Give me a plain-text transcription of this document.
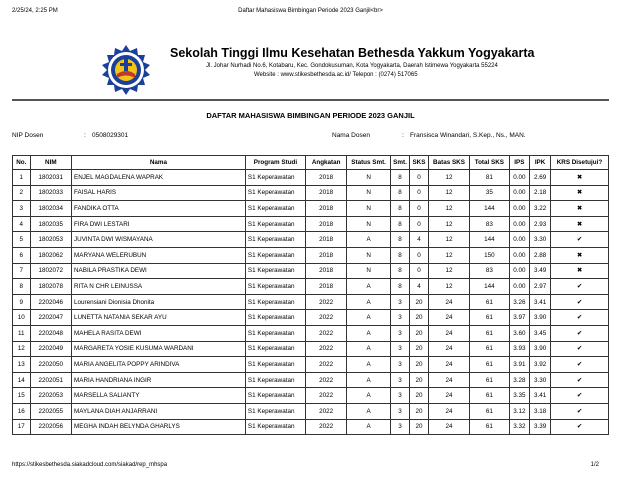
2/25/24, 2:25 PM	Daftar Mahasiswa Bimbingan Periode 2023 Ganjil<br>
Sekolah Tinggi Ilmu Kesehatan Bethesda Yakkum Yogyakarta
Jl. Johar Nurhadi No.6, Kotabaru, Kec. Gondokusuman, Kota Yogyakarta, Daerah Istimewa Yogyakarta 55224
Website : www.stikesbethesda.ac.id/ Telepon : (0274) 517065
DAFTAR MAHASISWA BIMBINGAN PERIODE 2023 GANJIL
NIP Dosen	: 0508029301	Nama Dosen	: Fransisca Winandari, S.Kep., Ns., MAN.
No.	NIM	Nama	Program Studi	Angkatan	Status Smt.	Smt.	SKS	Batas SKS	Total SKS	IPS	IPK	KRS Disetujui?
1	1802031	ENJEL MAGDALENA WAPRAK	S1 Keperawatan	2018	N	8	0	12	81	0.00	2.69	✖
2	1802033	FAISAL HARIS	S1 Keperawatan	2018	N	8	0	12	35	0.00	2.18	✖
3	1802034	FANDIKA OTTA	S1 Keperawatan	2018	N	8	0	12	144	0.00	3.22	✖
4	1802035	FIRA DWI LESTARI	S1 Keperawatan	2018	N	8	0	12	83	0.00	2.93	✖
5	1802053	JUVINTA DWI WISMAYANA	S1 Keperawatan	2018	A	8	4	12	144	0.00	3.30	✔
6	1802062	MARYANA WELERUBUN	S1 Keperawatan	2018	N	8	0	12	150	0.00	2.88	✖
7	1802072	NABILA PRASTIKA DEWI	S1 Keperawatan	2018	N	8	0	12	83	0.00	3.49	✖
8	1802078	RITA N CHR LEINUSSA	S1 Keperawatan	2018	A	8	4	12	144	0.00	2.97	✔
9	2202046	Lourensiani Dionisia Dhonita	S1 Keperawatan	2022	A	3	20	24	61	3.26	3.41	✔
10	2202047	LUNETTA NATANIA SEKAR AYU	S1 Keperawatan	2022	A	3	20	24	61	3.97	3.90	✔
11	2202048	MAHELA RASITA DEWI	S1 Keperawatan	2022	A	3	20	24	61	3.60	3.45	✔
12	2202049	MARGARETA YOSIE KUSUMA WARDANI	S1 Keperawatan	2022	A	3	20	24	61	3.93	3.90	✔
13	2202050	MARIA ANGELITA POPPY ARINDIVA	S1 Keperawatan	2022	A	3	20	24	61	3.91	3.92	✔
14	2202051	MARIA HANDRIANA INGIR	S1 Keperawatan	2022	A	3	20	24	61	3.28	3.30	✔
15	2202053	MARSELLA SALIANTY	S1 Keperawatan	2022	A	3	20	24	61	3.35	3.41	✔
16	2202055	MAYLANA DIAH ANJARRANI	S1 Keperawatan	2022	A	3	20	24	61	3.12	3.18	✔
17	2202056	MEGHA INDAH BELYNDA GHARLYS	S1 Keperawatan	2022	A	3	20	24	61	3.32	3.39	✔
https://stikesbethesda.siakadcloud.com/siakad/rep_mhspa	1/2
